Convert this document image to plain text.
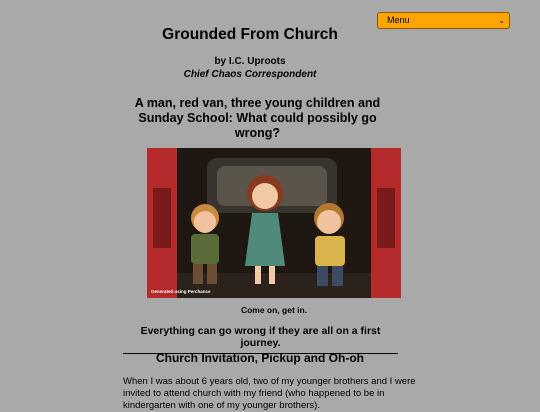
Menu	⌄
Grounded From Church
by I.C. Uproots
Chief Chaos Correspondent
A man, red van, three young children and Sunday School: What could possibly go wrong?
Generated using Perchance
Come on, get in.
Everything can go wrong if they are all on a first journey.
Church Invitation, Pickup and Oh-oh
When I was about 6 years old, two of my younger brothers and I were invited to attend church with my friend (who happened to be in kindergarten with one of my younger brothers).
